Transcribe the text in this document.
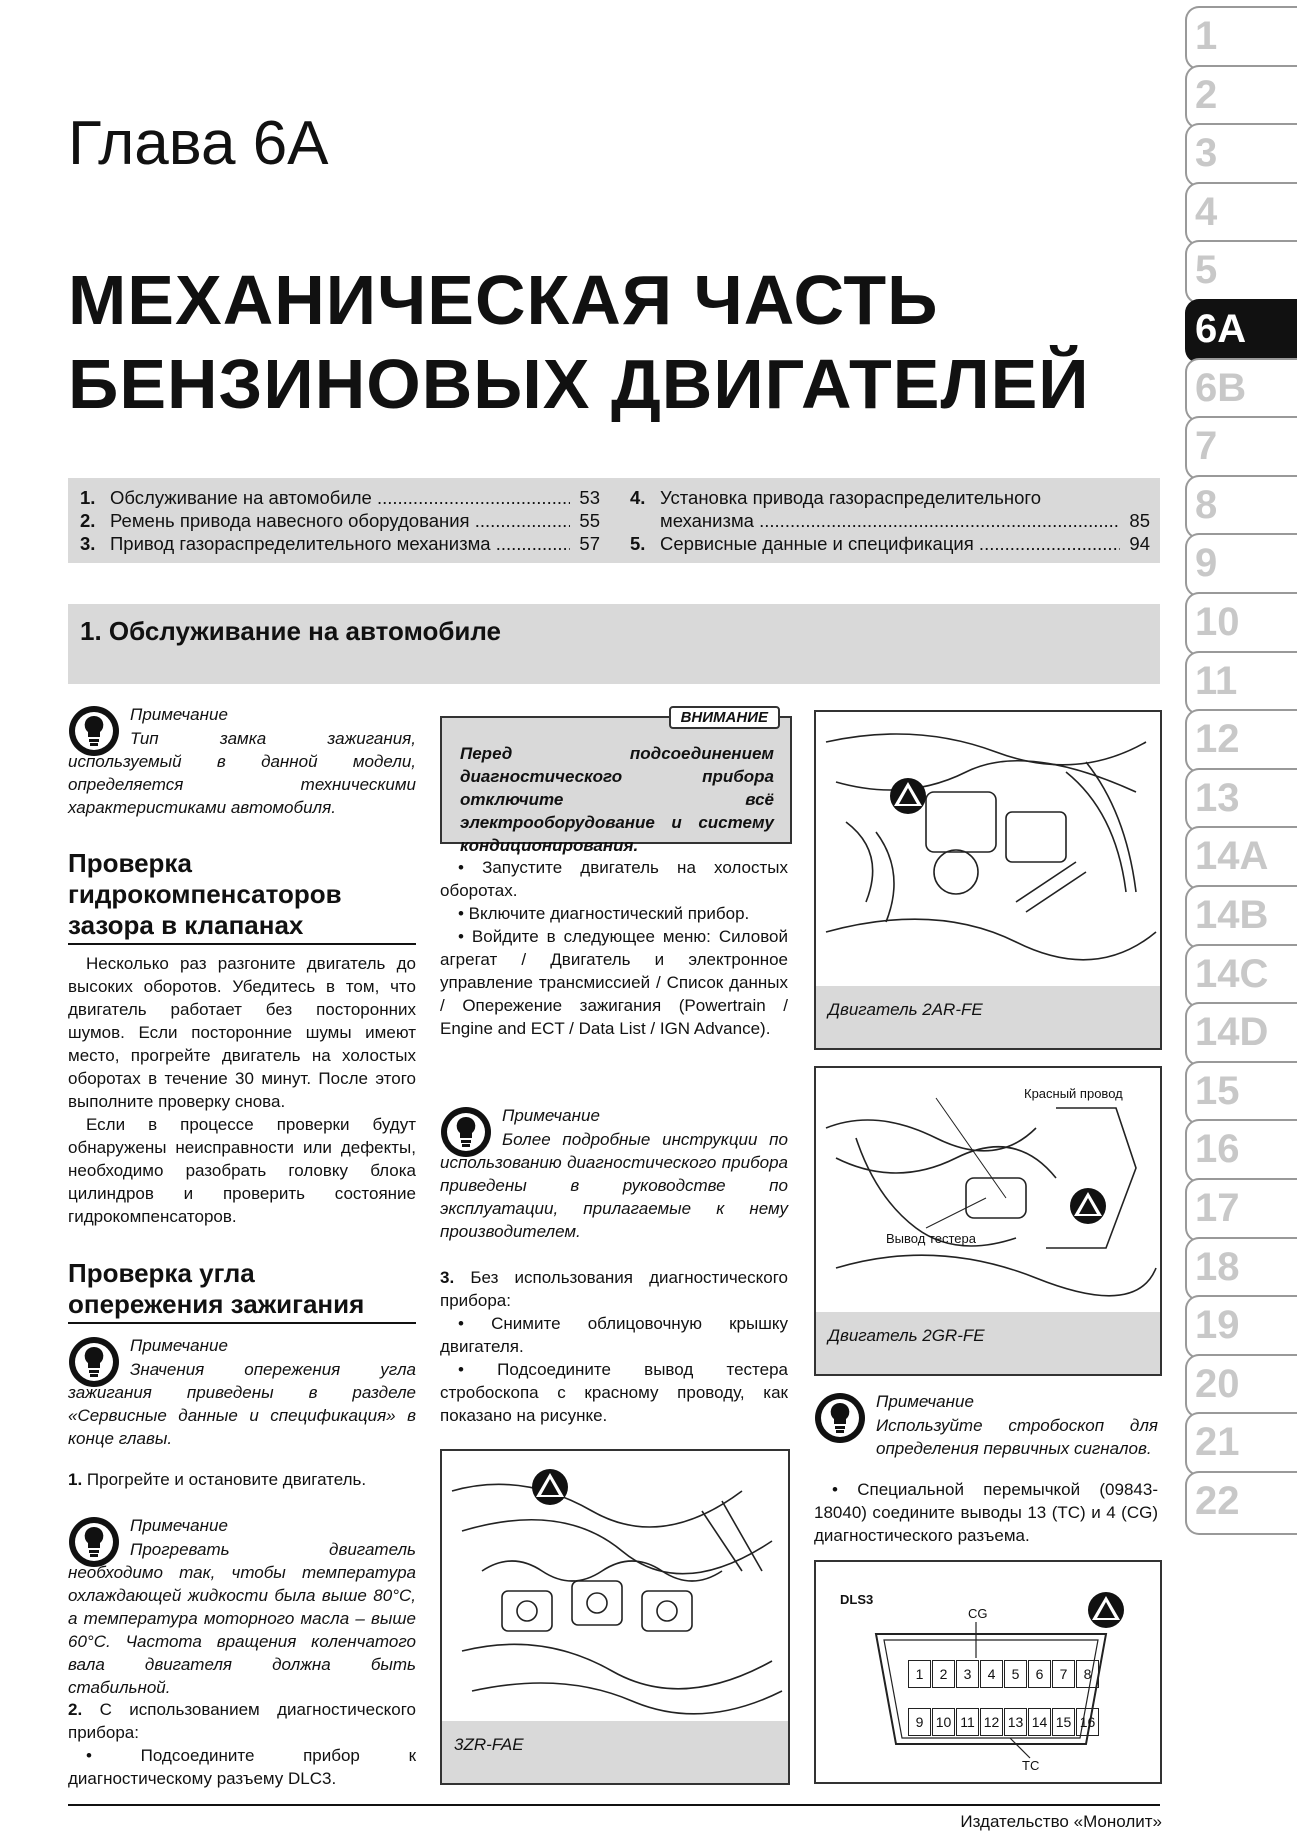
Глава 6А
МЕХАНИЧЕСКАЯ ЧАСТЬ
БЕНЗИНОВЫХ ДВИГАТЕЛЕЙ
1. Обслуживание на автомобиле .....	53
2. Ремень привода навесного оборудования .....	55
3. Привод газораспределительного механизма .....	57
4. Установка привода газораспределительного
механизма .....	85
5. Сервисные данные и спецификация .....	94
1. Обслуживание на автомобиле
Примечание
Тип замка зажигания, используемый в данной модели, определяется техническими характеристиками автомобиля.
Проверка гидрокомпенсаторов зазора в клапанах

Несколько раз разгоните двигатель до высоких оборотов. Убедитесь в том, что двигатель работает без посторонних шумов. Если посторонние шумы имеют место, прогрейте двигатель на холостых оборотах в течение 30 минут. После этого выполните проверку снова.

Если в процессе проверки будут обнаружены неисправности или дефекты, необходимо разобрать головку блока цилиндров и проверить состояние гидрокомпенсаторов.

Проверка угла опережения зажигания
Примечание
Значения опережения угла зажигания приведены в разделе «Сервисные данные и спецификация» в конце главы.
1. Прогрейте и остановите двигатель.
Примечание
Прогревать двигатель необходимо так, чтобы температура охлаждающей жидкости была выше 80°С, а температура моторного масла – выше 60°С. Частота вращения коленчатого вала двигателя должна быть стабильной.
2. С использованием диагностического прибора:

• Подсоедините прибор к диагностическому разъему DLC3.

ВНИМАНИЕ
Перед подсоединением диагностического прибора отключите всё электрооборудование и систему кондиционирования.

• Запустите двигатель на холостых оборотах.

• Включите диагностический прибор.

• Войдите в следующее меню: Силовой агрегат / Двигатель и электронное управление трансмиссией / Список данных / Опережение зажигания (Powertrain / Engine and ECT / Data List / IGN Advance).

Примечание
Более подробные инструкции по использованию диагностического прибора приведены в руководстве по эксплуатации, прилагаемые к нему производителем.
3. Без использования диагностического прибора:

• Снимите облицовочную крышку двигателя.

• Подсоедините вывод тестера стробоскопа с красному проводу, как показано на рисунке.

3ZR-FAE
Двигатель 2AR-FE
Красный провод
Вывод тестера
Двигатель 2GR-FE
Примечание
Используйте стробоскоп для определения первичных сигналов.

• Специальной перемычкой (09843-18040) соедините выводы 13 (TC) и 4 (CG) диагностического разъема.

DLS3
CG
TC
1	2	3	4	5	6	7	8
9 10 11 12 13 14 15 16
1
2
3
4
5
6A
6B
7
8
9
10
11
12
13
14A
14B
14C
14D
15
16
17
18
19
20
21
22
Издательство «Монолит»
